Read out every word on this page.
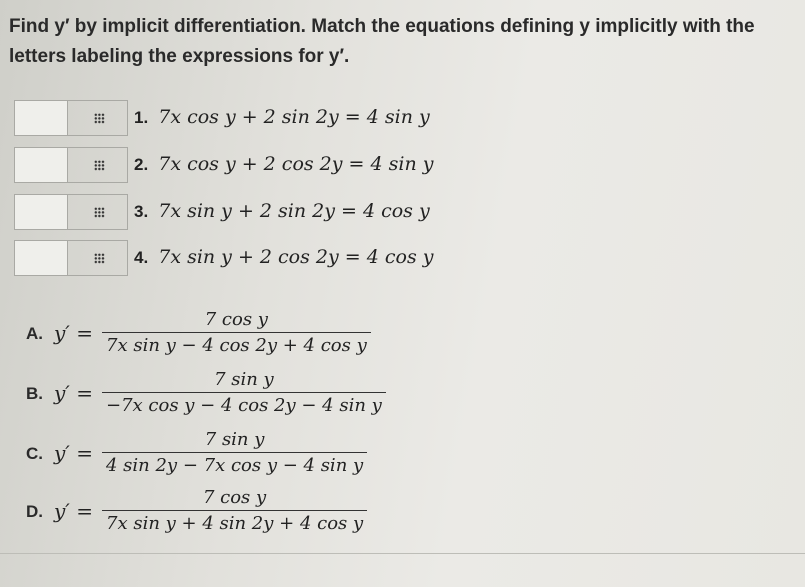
Find y′ by implicit differentiation. Match the equations defining y implicitly with the
letters labeling the expressions for y′.
1. 7x cos y + 2 sin 2y = 4 sin y
2. 7x cos y + 2 cos 2y = 4 sin y
3. 7x sin y + 2 sin 2y = 4 cos y
4. 7x sin y + 2 cos 2y = 4 cos y
A. y′ =
7 cos y
7x sin y − 4 cos 2y + 4 cos y
B. y′ =
7 sin y
−7x cos y − 4 cos 2y − 4 sin y
C. y′ =
7 sin y
4 sin 2y − 7x cos y − 4 sin y
D. y′ =
7 cos y
7x sin y + 4 sin 2y + 4 cos y
